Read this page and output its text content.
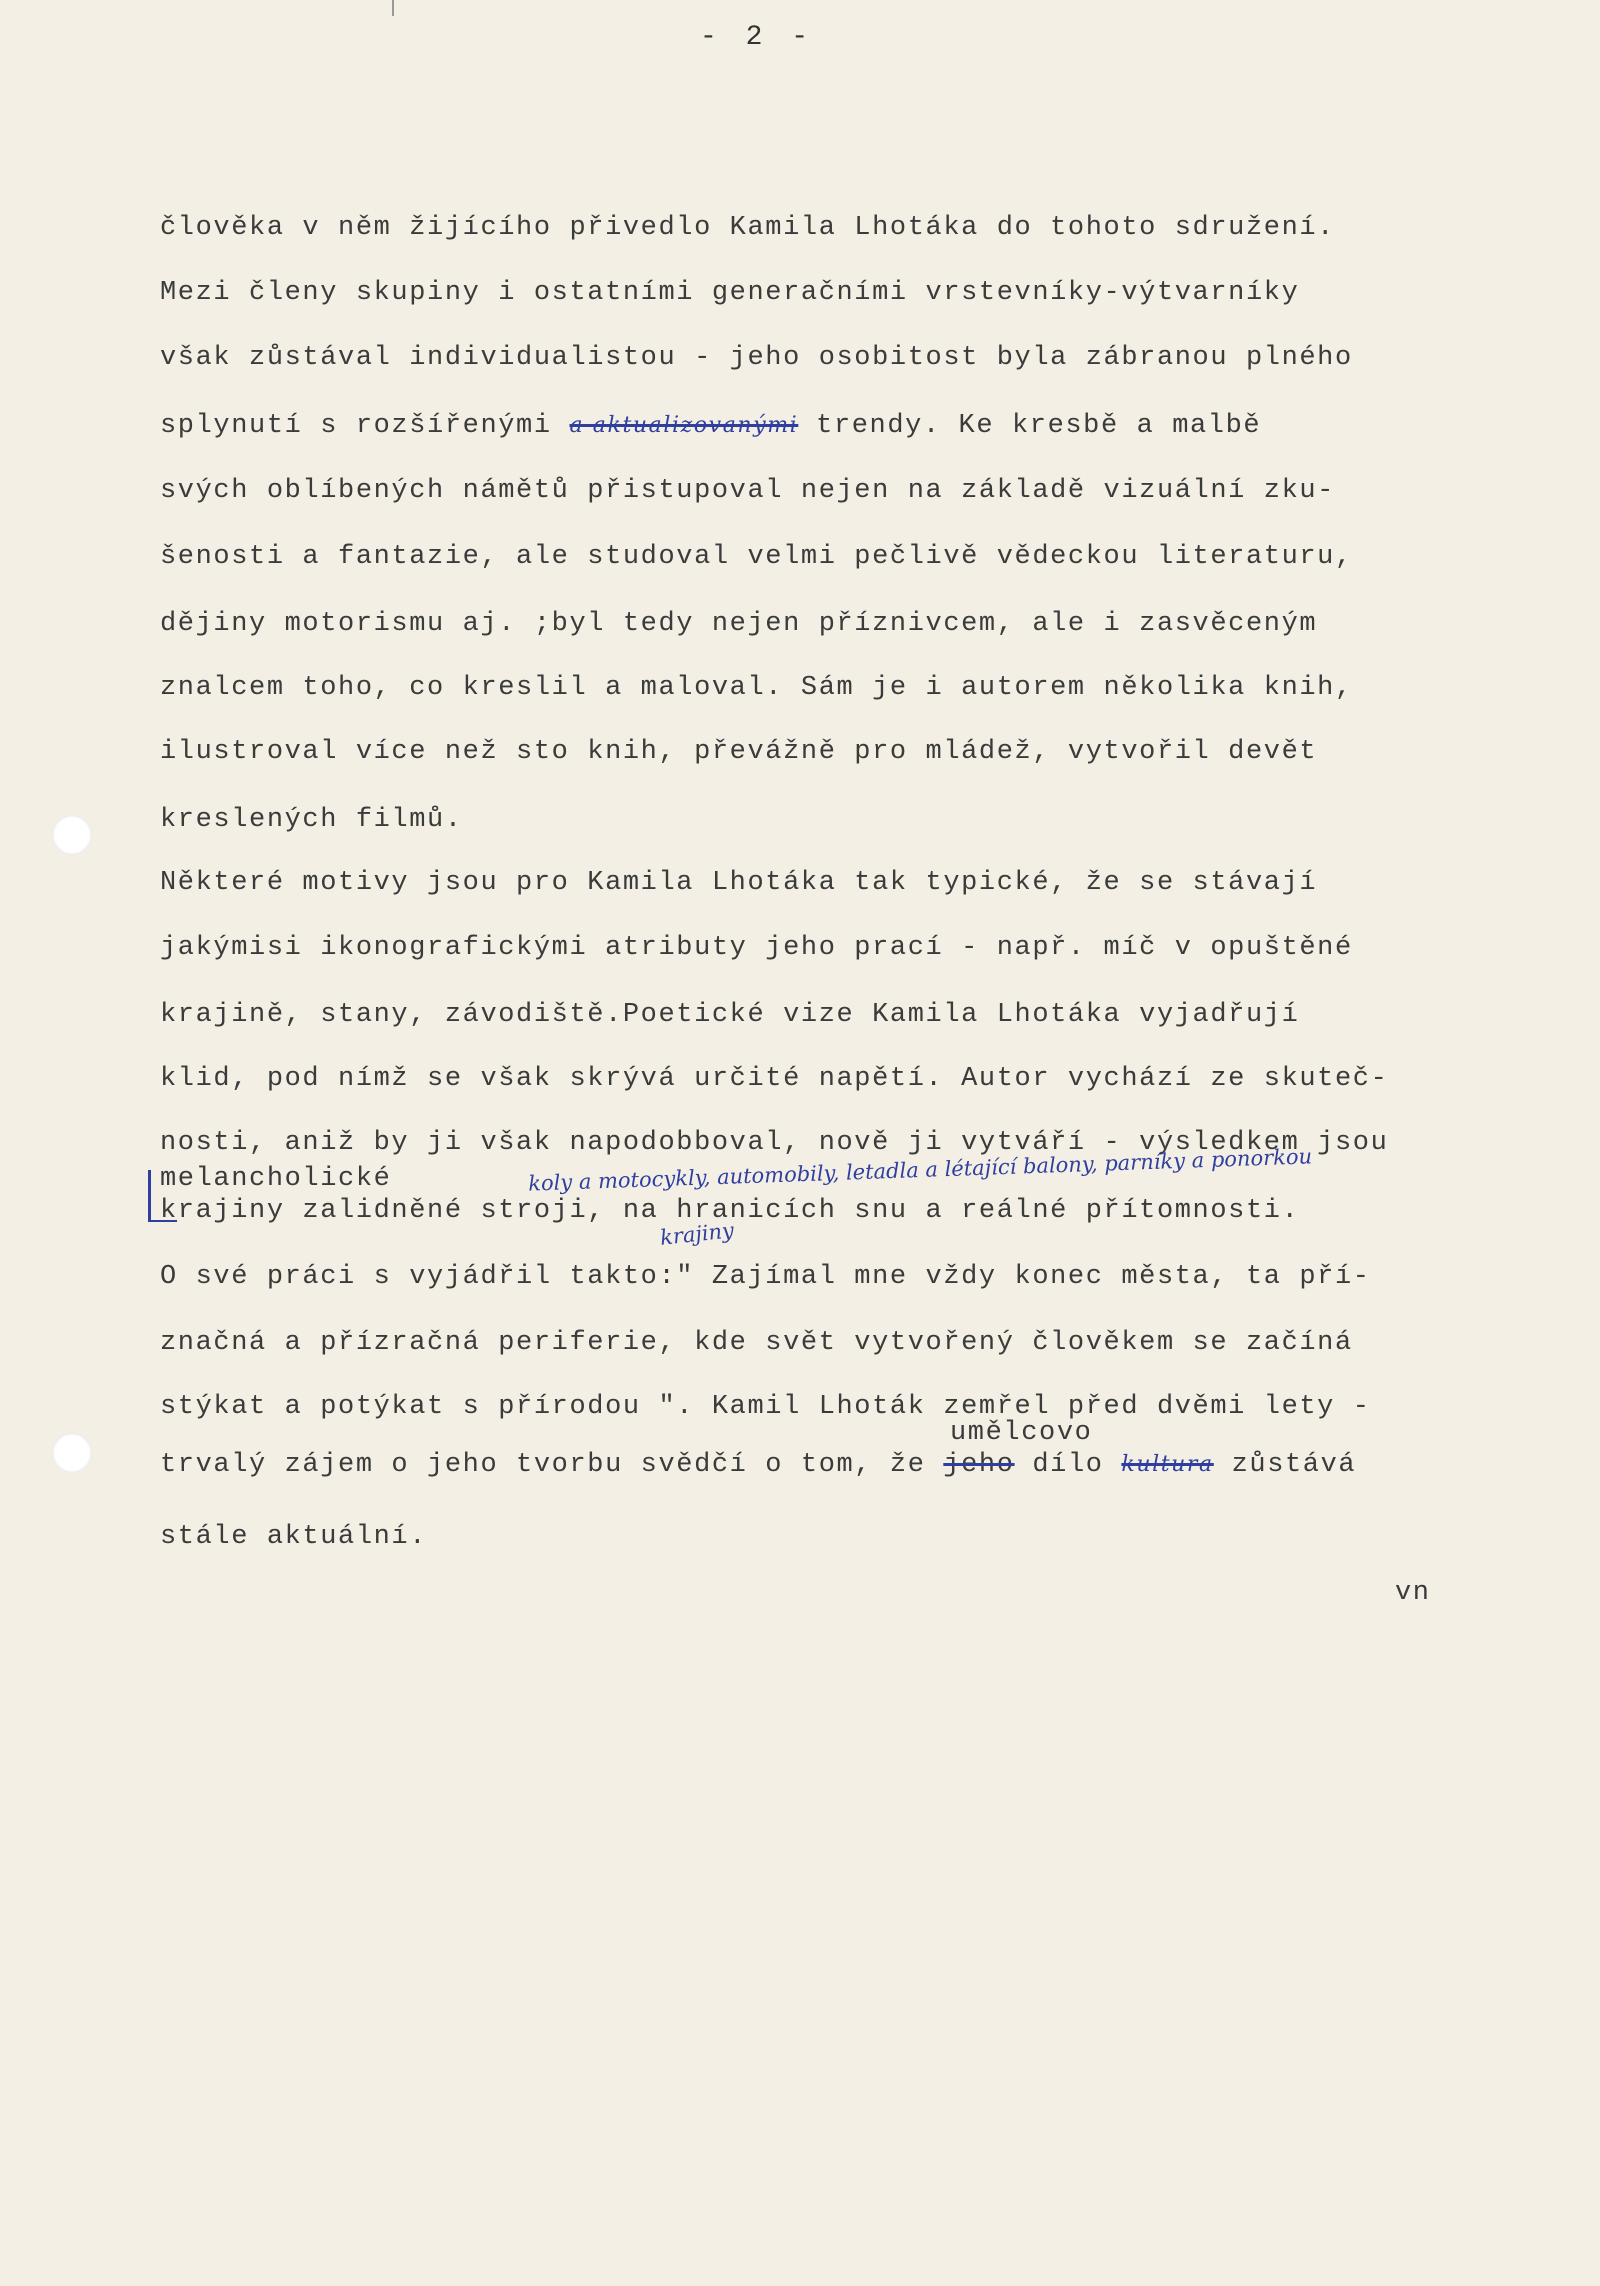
- 2 -
člověka v něm žijícího přivedlo Kamila Lhotáka do tohoto sdružení.
Mezi členy skupiny i ostatními generačními vrstevníky-výtvarníky
však zůstával individualistou - jeho osobitost byla zábranou plného
splynutí s rozšířenými a aktualizovanými trendy. Ke kresbě a malbě
svých oblíbených námětů přistupoval nejen na základě vizuální zku-
šenosti a fantazie, ale studoval velmi pečlivě vědeckou literaturu,
dějiny motorismu aj. ;byl tedy nejen příznivcem, ale i zasvěceným
znalcem toho, co kreslil a maloval. Sám je i autorem několika knih,
ilustroval více než sto knih, převážně pro mládež, vytvořil devět
kreslených filmů.
Některé motivy jsou pro Kamila Lhotáka tak typické, že se stávají
jakýmisi ikonografickými atributy jeho prací - např. míč v opuštěné
krajině, stany, závodiště.Poetické vize Kamila Lhotáka vyjadřují
klid, pod nímž se však skrývá určité napětí. Autor vychází ze skuteč-
nosti, aniž by ji však napodobboval, nově ji vytváří - výsledkem jsou
melancholické	koly a motocykly, automobily, letadla a létající balony, parníky a ponorkou
krajiny zalidněné stroji, na hranicích snu a reálné přítomnosti.
krajiny
O své práci s vyjádřil takto:" Zajímal mne vždy konec města, ta pří-
značná a přízračná periferie, kde svět vytvořený člověkem se začíná
stýkat a potýkat s přírodou ". Kamil Lhoták zemřel před dvěmi lety -
umělcovo
trvalý zájem o jeho tvorbu svědčí o tom, že jeho dílo kultura zůstává
stále aktuální.
vn
